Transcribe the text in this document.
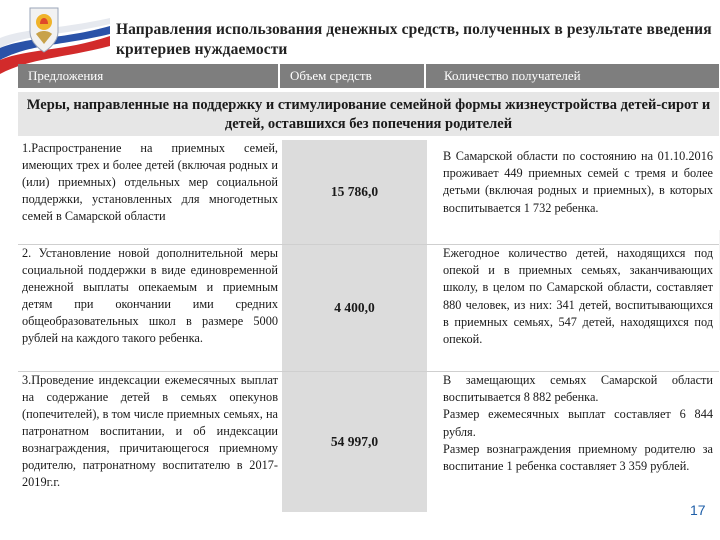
Направления использования денежных средств, полученных в результате введения критериев нуждаемости
Предложения	Объем средств	Количество получателей
Меры, направленные на поддержку и стимулирование семейной формы жизнеустройства детей-сирот и детей, оставшихся без попечения родителей
1.Распространение на приемных семей, имеющих трех и более детей (включая родных и (или) приемных) отдельных мер социальной поддержки, установленных для многодетных семей в Самарской области
15 786,0
В Самарской области по состоянию на 01.10.2016 проживает 449 приемных семей с тремя и более детьми (включая родных и приемных), в которых воспитывается 1 732 ребенка.
2. Установление новой дополнительной меры социальной поддержки в виде единовременной денежной выплаты опекаемым и приемным детям при окончании ими средних общеобразовательных школ в размере 5000 рублей на каждого такого ребенка.
4 400,0
Ежегодное количество детей, находящихся под опекой и в приемных семьях, заканчивающих школу, в целом по Самарской области, составляет 880 человек, из них: 341 детей, воспитывающихся в приемных семьях, 547 детей, находящихся под опекой.
3.Проведение индексации ежемесячных выплат на содержание детей в семьях опекунов (попечителей), в том числе приемных семьях, на патронатном воспитании, и об индексации вознаграждения, причитающегося приемному родителю, патронатному воспитателю в 2017-2019г.г.
54 997,0
В замещающих семьях Самарской области воспитывается 8 882 ребенка.
Размер ежемесячных выплат составляет 6 844 рубля.
Размер вознаграждения приемному родителю за воспитание 1 ребенка составляет 3 359 рублей.
17
